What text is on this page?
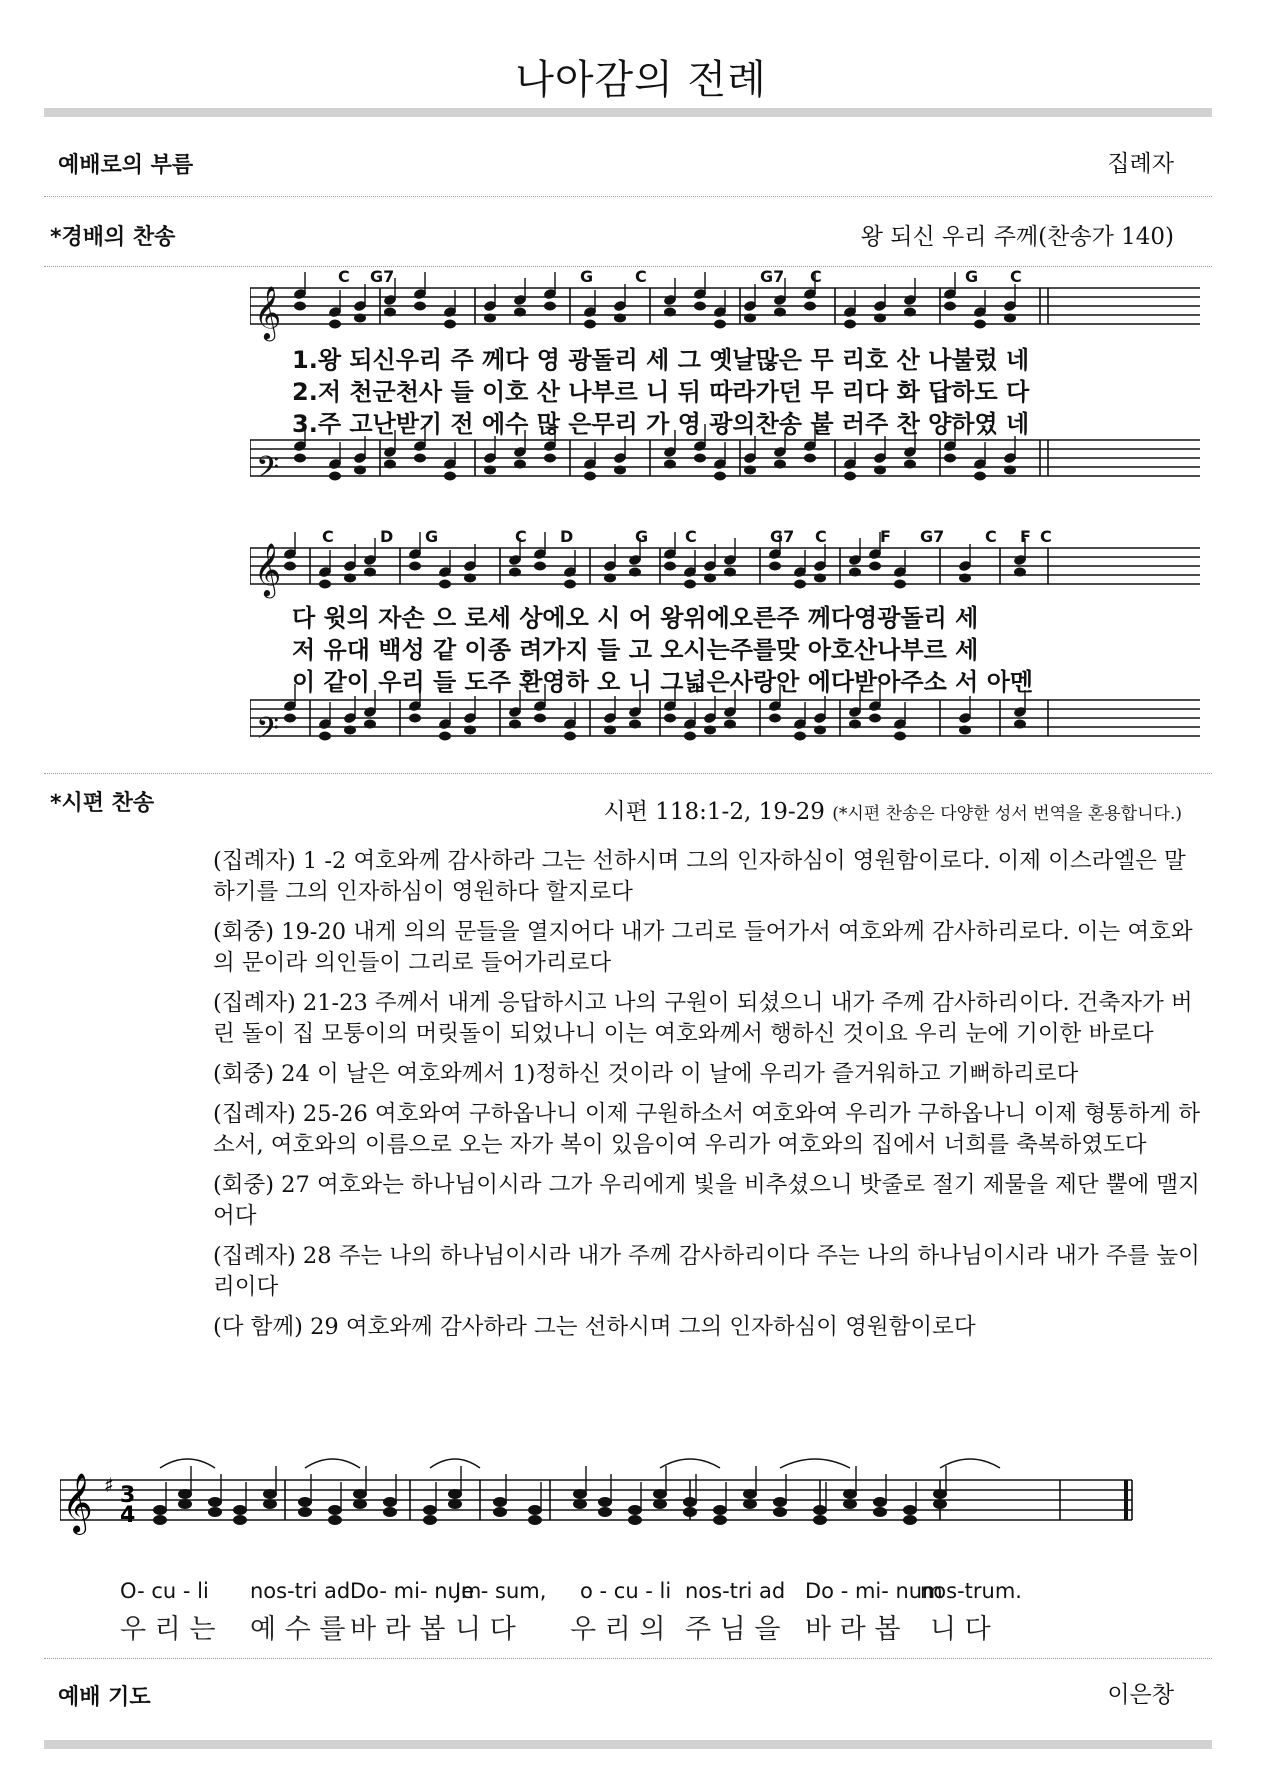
나아감의 전례
예배로의 부름	집례자
*경배의 찬송	왕 되신 우리 주께(찬송가 140)
𝄞
𝄢
𝄞
𝄢
1.왕 되신우리 주 께다 영 광돌리 세 그 옛날많은 무 리호 산 나불렀 네
2.저 천군천사 들 이호 산 나부르 니 뒤 따라가던 무 리다 화 답하도 다
3.주 고난받기 전 에수 많 은무리 가 영 광의찬송 불 러주 찬 양하였 네
다 윗의 자손 으 로세 상에오 시 어 왕위에오른주 께다영광돌리 세
저 유대 백성 같 이종 려가지 들 고 오시는주를맞 아호산나부르 세
이 같이 우리 들 도주 환영하 오 니 그넓은사랑안 에다받아주소 서 아멘
C G7	G	C	G7 C	G C
C	D G	C D	G C	G7 C	F G7	C F C
*시편 찬송	시편 118:1-2, 19-29 (*시편 찬송은 다양한 성서 번역을 혼용합니다.)

(집례자) 1 -2 여호와께 감사하라 그는 선하시며 그의 인자하심이 영원함이로다. 이제 이스라엘은 말하기를 그의 인자하심이 영원하다 할지로다

(회중) 19-20 내게 의의 문들을 열지어다 내가 그리로 들어가서 여호와께 감사하리로다. 이는 여호와의 문이라 의인들이 그리로 들어가리로다

(집례자) 21-23 주께서 내게 응답하시고 나의 구원이 되셨으니 내가 주께 감사하리이다. 건축자가 버린 돌이 집 모퉁이의 머릿돌이 되었나니 이는 여호와께서 행하신 것이요 우리 눈에 기이한 바로다

(회중) 24 이 날은 여호와께서 1)정하신 것이라 이 날에 우리가 즐거워하고 기뻐하리로다

(집례자) 25-26 여호와여 구하옵나니 이제 구원하소서 여호와여 우리가 구하옵나니 이제 형통하게 하소서, 여호와의 이름으로 오는 자가 복이 있음이여 우리가 여호와의 집에서 너희를 축복하였도다

(회중) 27 여호와는 하나님이시라 그가 우리에게 빛을 비추셨으니 밧줄로 절기 제물을 제단 뿔에 맬지어다

(집례자) 28 주는 나의 하나님이시라 내가 주께 감사하리이다 주는 나의 하나님이시라 내가 주를 높이리이다

(다 함께) 29 여호와께 감사하라 그는 선하시며 그의 인자하심이 영원함이로다

𝄞 ♯ 3
4
O- cu - li nos-tri ad Do- mi- num
Je - sum, o - cu - li nos-tri ad Do - mi- num
nos-trum.
우 리 는 예 수 를 바 라 봅 니 다 우 리 의 주 님 을 바 라 봅 니 다
예배 기도	이은창
